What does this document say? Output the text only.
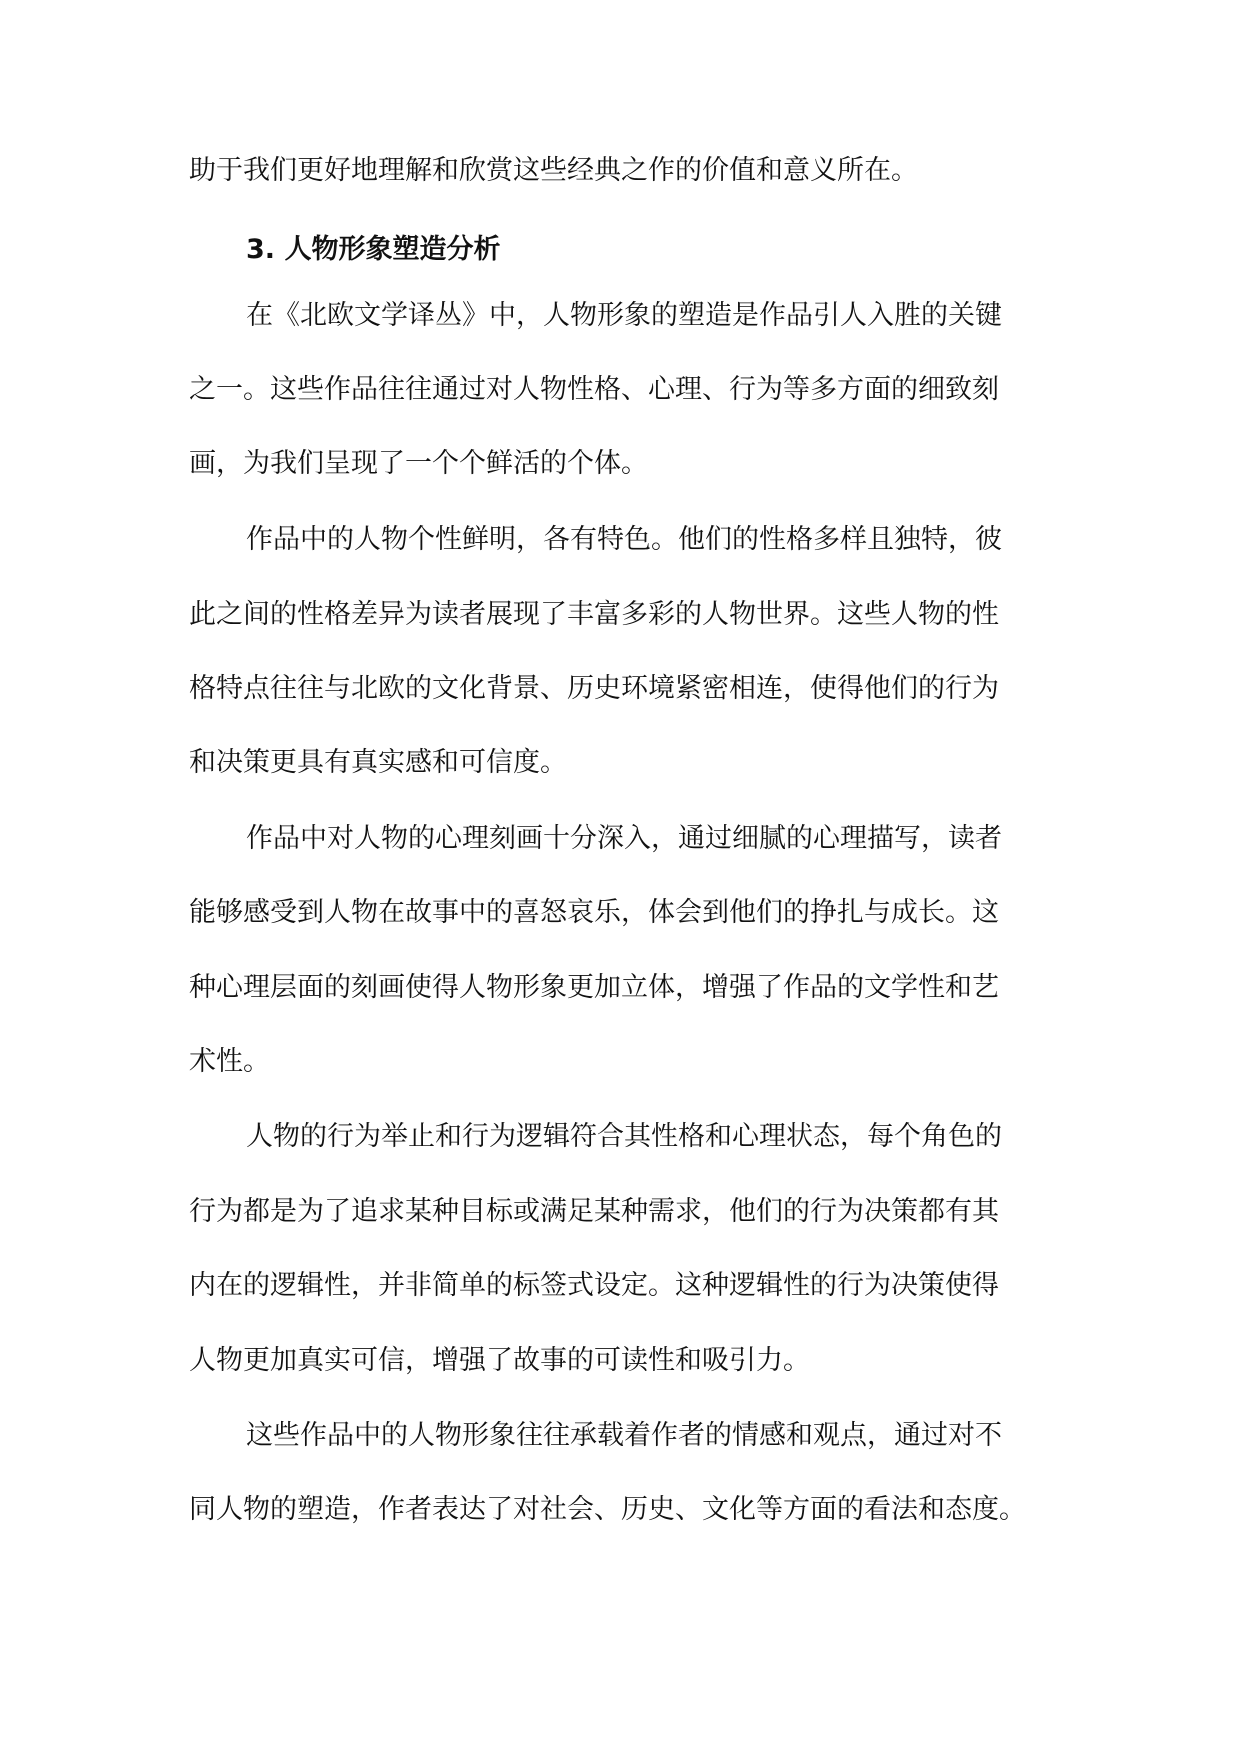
助于我们更好地理解和欣赏这些经典之作的价值和意义所在。
3. 人物形象塑造分析
在《北欧文学译丛》中，人物形象的塑造是作品引人入胜的关键
之一。这些作品往往通过对人物性格、心理、行为等多方面的细致刻
画，为我们呈现了一个个鲜活的个体。
作品中的人物个性鲜明，各有特色。他们的性格多样且独特，彼
此之间的性格差异为读者展现了丰富多彩的人物世界。这些人物的性
格特点往往与北欧的文化背景、历史环境紧密相连，使得他们的行为
和决策更具有真实感和可信度。
作品中对人物的心理刻画十分深入，通过细腻的心理描写，读者
能够感受到人物在故事中的喜怒哀乐，体会到他们的挣扎与成长。这
种心理层面的刻画使得人物形象更加立体，增强了作品的文学性和艺
术性。
人物的行为举止和行为逻辑符合其性格和心理状态，每个角色的
行为都是为了追求某种目标或满足某种需求，他们的行为决策都有其
内在的逻辑性，并非简单的标签式设定。这种逻辑性的行为决策使得
人物更加真实可信，增强了故事的可读性和吸引力。
这些作品中的人物形象往往承载着作者的情感和观点，通过对不
同人物的塑造，作者表达了对社会、历史、文化等方面的看法和态度。
